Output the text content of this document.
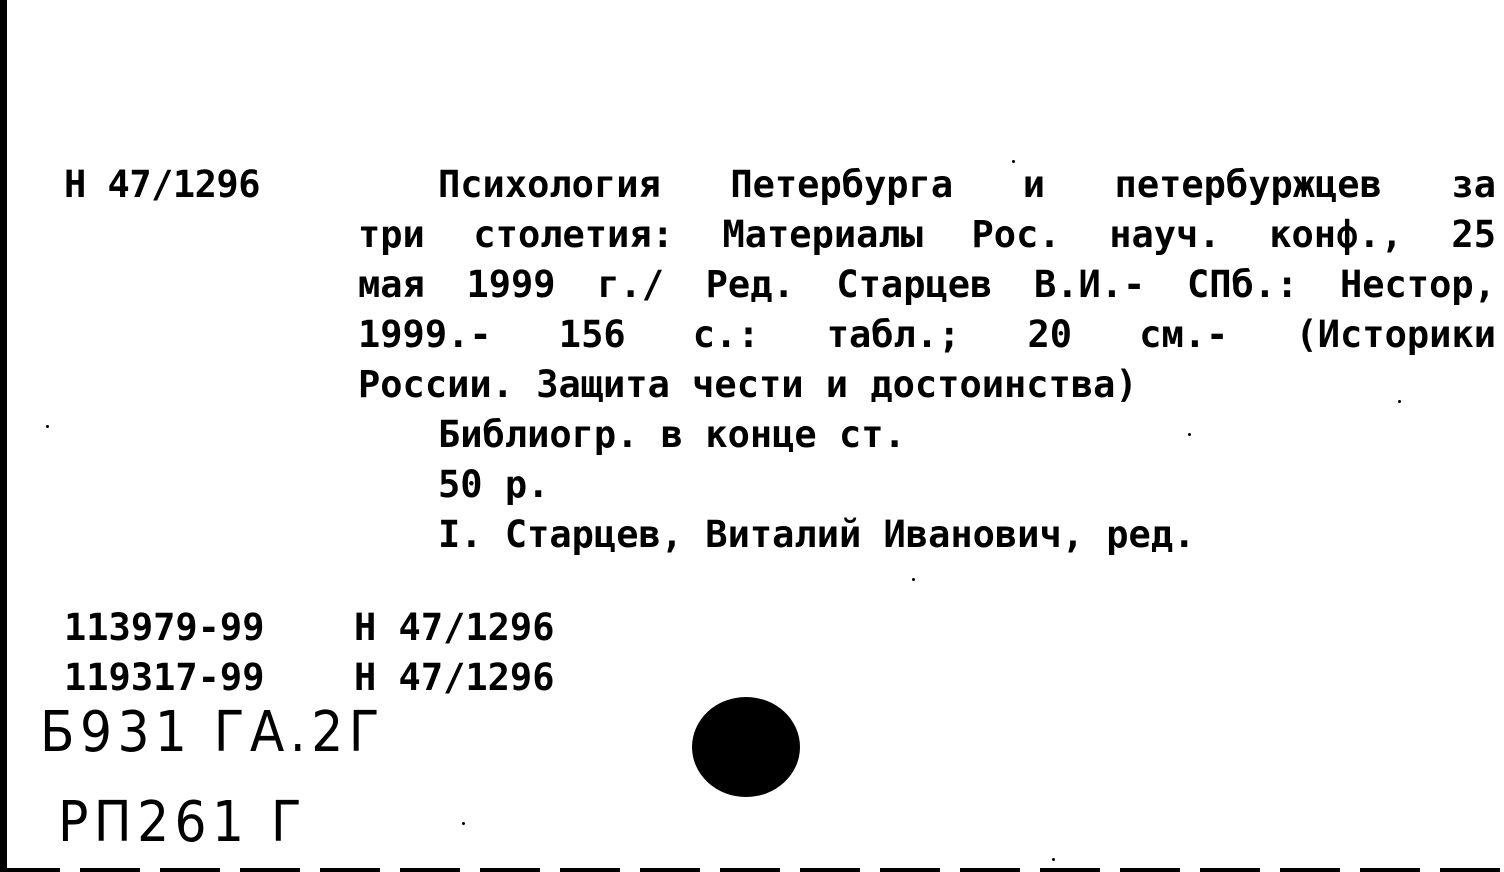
Н 47/1296	Психология Петербурга и петербуржцев за
три столетия: Материалы Рос. науч. конф., 25
мая 1999 г./ Ред. Старцев В.И.- СПб.: Нестор,
1999.- 156 с.: табл.; 20 см.- (Историки
России. Защита чести и достоинства)
Библиогр. в конце ст.
50 р.
I. Старцев, Виталий Иванович, ред.
113979-99 Н 47/1296
119317-99 Н 47/1296
Б931 ГА.2Г
РП261 Г
